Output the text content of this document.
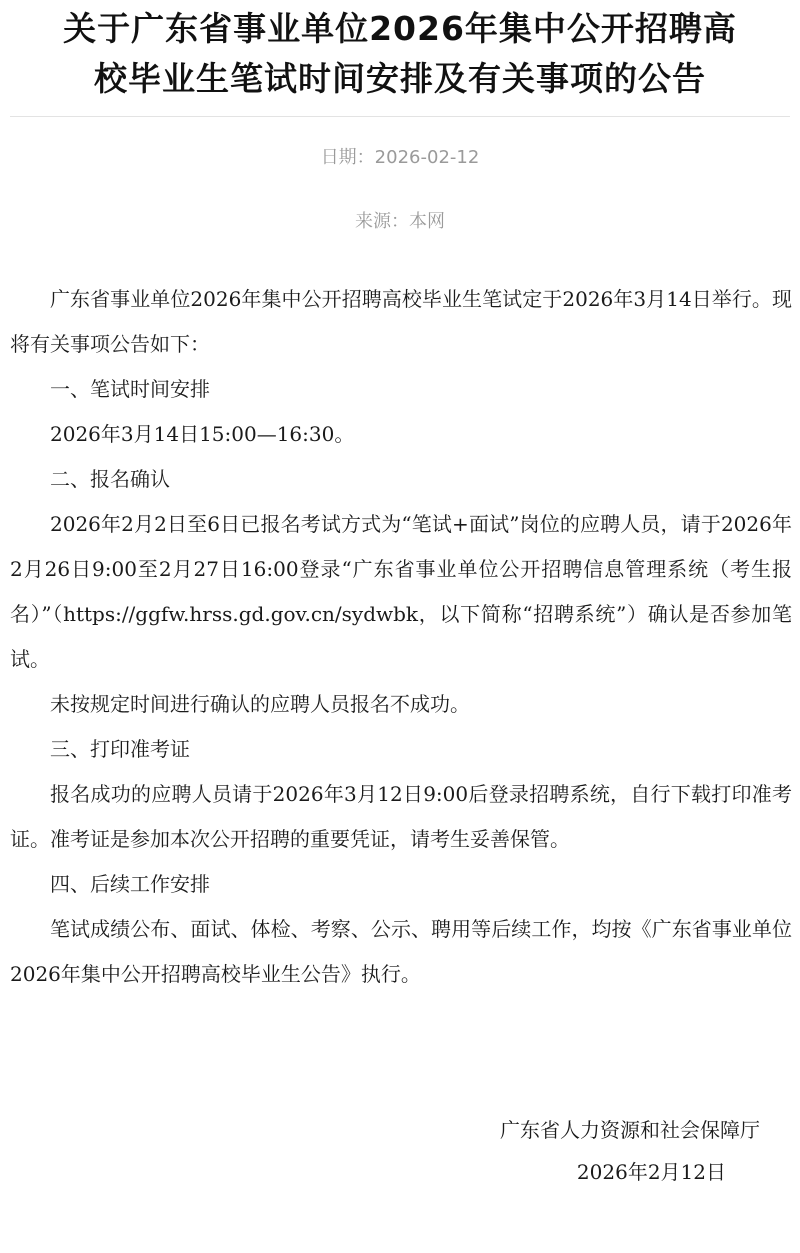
关于广东省事业单位2026年集中公开招聘高
校毕业生笔试时间安排及有关事项的公告
日期：2026-02-12
来源：本网

广东省事业单位2026年集中公开招聘高校毕业生笔试定于2026年3月14日举行。现将有关事项公告如下：

一、笔试时间安排

2026年3月14日15:00—16:30。

二、报名确认

2026年2月2日至6日已报名考试方式为“笔试+面试”岗位的应聘人员，请于2026年2月26日9:00至2月27日16:00登录“广东省事业单位公开招聘信息管理系统（考生报名）”（https://ggfw.hrss.gd.gov.cn/sydwbk，以下简称“招聘系统”）确认是否参加笔试。

未按规定时间进行确认的应聘人员报名不成功。

三、打印准考证

报名成功的应聘人员请于2026年3月12日9:00后登录招聘系统，自行下载打印准考证。准考证是参加本次公开招聘的重要凭证，请考生妥善保管。

四、后续工作安排

笔试成绩公布、面试、体检、考察、公示、聘用等后续工作，均按《广东省事业单位2026年集中公开招聘高校毕业生公告》执行。

广东省人力资源和社会保障厅
2026年2月12日
